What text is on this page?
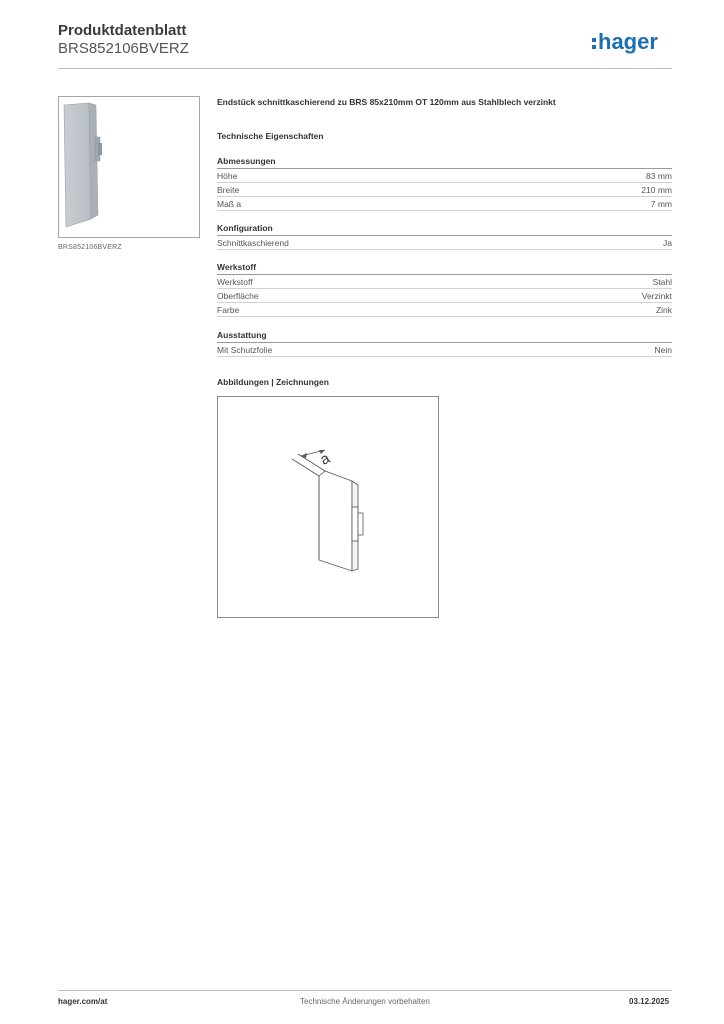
Produktdatenblatt
BRS852106BVERZ	hager
BRS852106BVERZ
Endstück schnittkaschierend zu BRS 85x210mm OT 120mm aus Stahlblech verzinkt
Technische Eigenschaften
Abmessungen
Höhe	83 mm
Breite	210 mm
Maß a	7 mm
Konfiguration
Schnittkaschierend	Ja
Werkstoff
Werkstoff	Stahl
Oberfläche	Verzinkt
Farbe	Zink
Ausstattung
Mit Schutzfolie	Nein
Abbildungen | Zeichnungen
a
hager.com/at	Technische Änderungen vorbehalten	03.12.2025
